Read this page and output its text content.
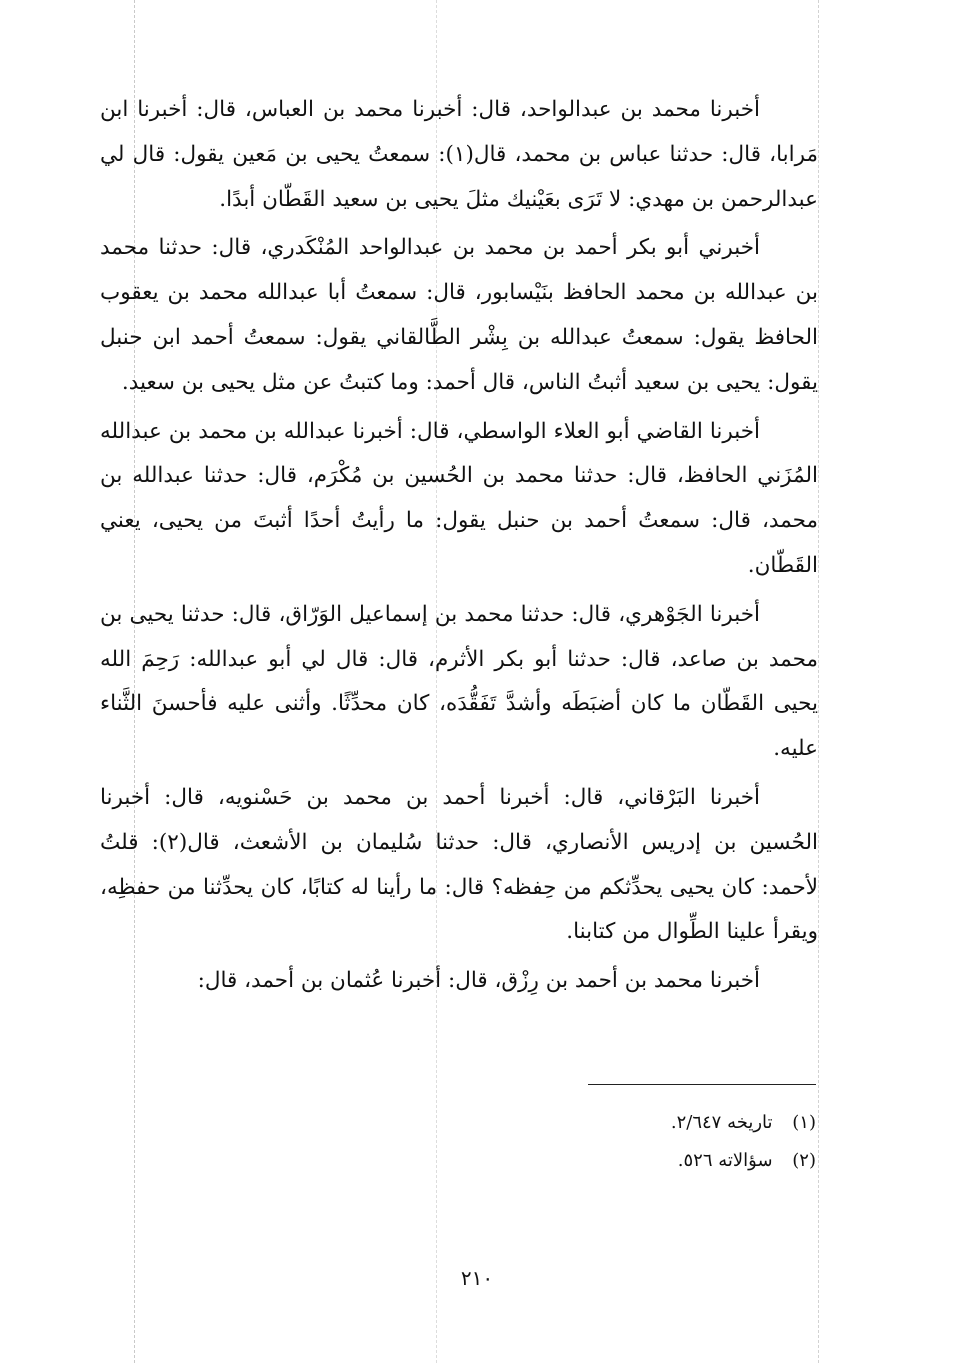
أخبرنا محمد بن عبدالواحد، قال: أخبرنا محمد بن العباس، قال: أخبرنا ابن مَرابا، قال: حدثنا عباس بن محمد، قال(١): سمعتُ يحيى بن مَعين يقول: قال لي عبدالرحمن بن مهدي: لا تَرَى بعَيْنيك مثلَ يحيى بن سعيد القَطّان أبدًا.

أخبرني أبو بكر أحمد بن محمد بن عبدالواحد المُنْكَدري، قال: حدثنا محمد بن عبدالله بن محمد الحافظ بنَيْسابور، قال: سمعتُ أبا عبدالله محمد بن يعقوب الحافظ يقول: سمعتُ عبدالله بن بِشْر الطَّالقاني يقول: سمعتُ أحمد ابن حنبل يقول: يحيى بن سعيد أثبتُ الناس، قال أحمد: وما كتبتُ عن مثل يحيى بن سعيد.

أخبرنا القاضي أبو العلاء الواسطي، قال: أخبرنا عبدالله بن محمد بن عبدالله المُزَني الحافظ، قال: حدثنا محمد بن الحُسين بن مُكْرَم، قال: حدثنا عبدالله بن محمد، قال: سمعتُ أحمد بن حنبل يقول: ما رأيتُ أحدًا أثبتَ من يحيى، يعني القَطّان.

أخبرنا الجَوْهري، قال: حدثنا محمد بن إسماعيل الوَرّاق، قال: حدثنا يحيى بن محمد بن صاعد، قال: حدثنا أبو بكر الأثرم، قال: قال لي أبو عبدالله: رَحِمَ الله يحيى القَطّان ما كان أضبَطَه وأشدَّ تَفَقُّدَه، كان محدِّثًا. وأثنى عليه فأحسنَ الثَّناء عليه.

أخبرنا البَرْقاني، قال: أخبرنا أحمد بن محمد بن حَسْنويه، قال: أخبرنا الحُسين بن إدريس الأنصاري، قال: حدثنا سُليمان بن الأشعث، قال(٢): قلتُ لأحمد: كان يحيى يحدِّثكم من حِفظه؟ قال: ما رأينا له كتابًا، كان يحدِّثنا من حفظِه، ويقرأ علينا الطِّوال من كتابنا.

أخبرنا محمد بن أحمد بن رِزْق، قال: أخبرنا عُثمان بن أحمد، قال:

(١) تاريخه ٢/٦٤٧.
(٢) سؤالاته ٥٢٦.
٢١٠
